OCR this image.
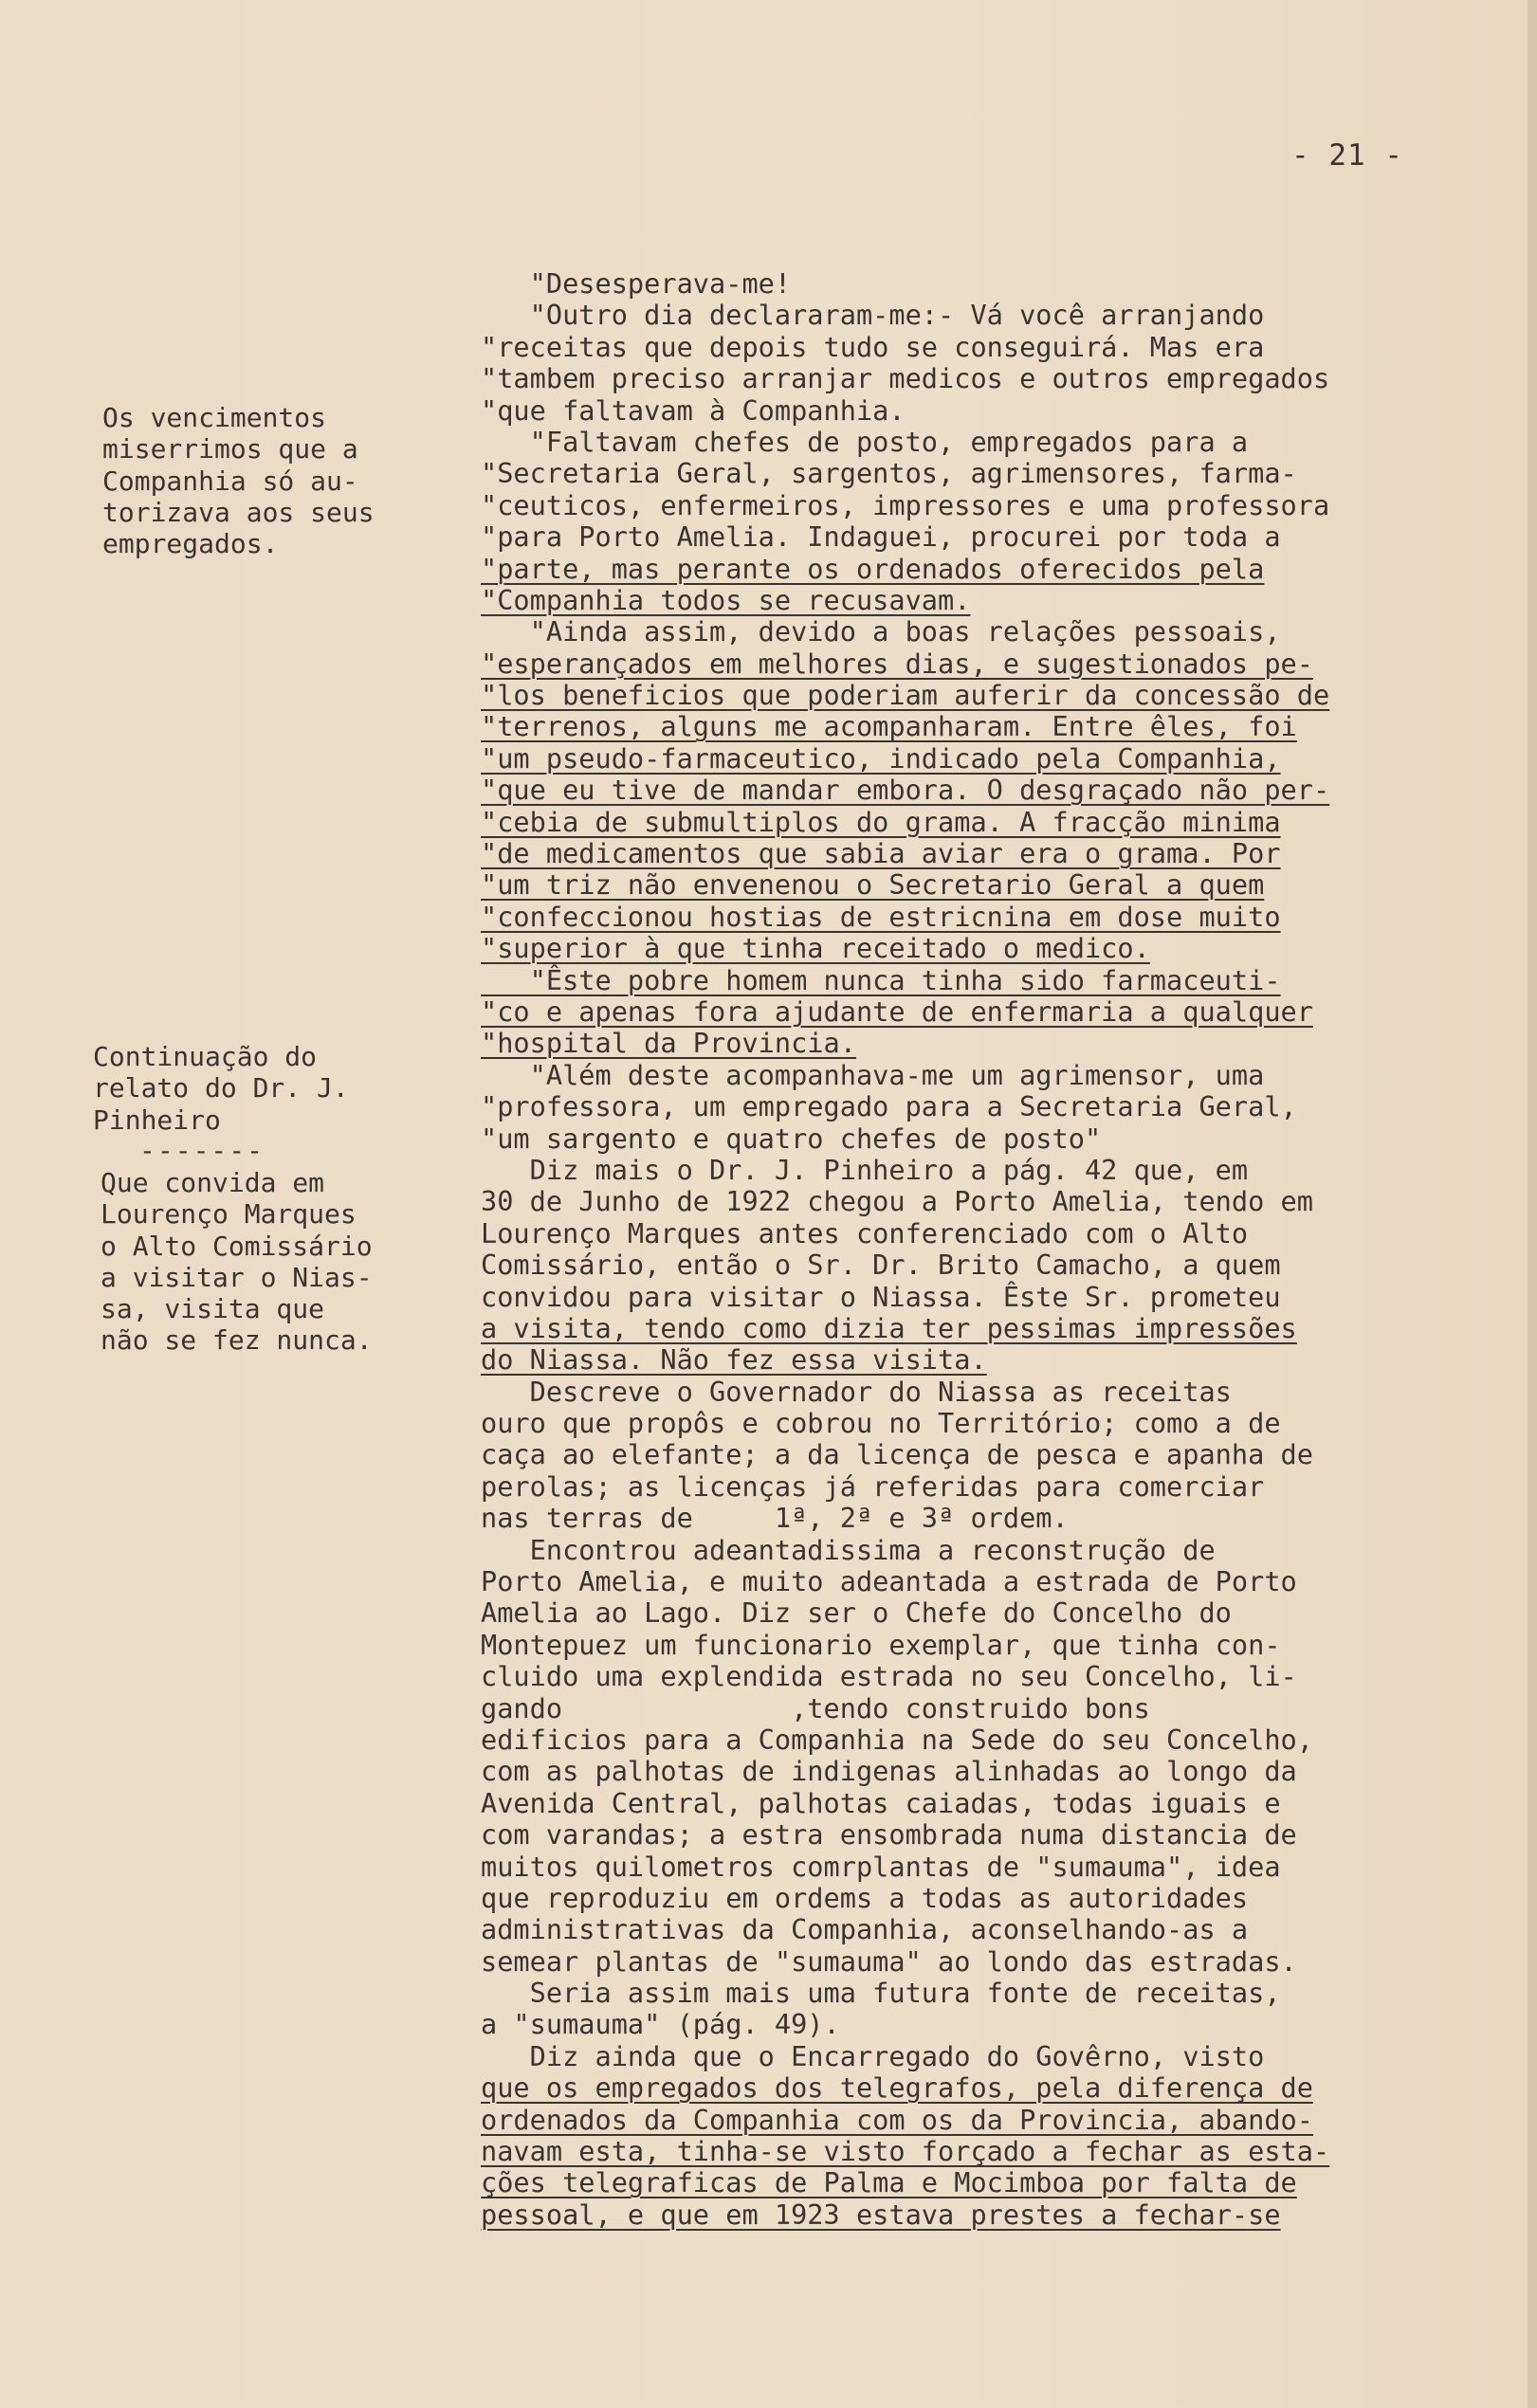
- 21 -
Os vencimentos
miserrimos que a
Companhia só au-
torizava aos seus
empregados.
Continuação do
relato do Dr. J.
Pinheiro
-------
Que convida em
Lourenço Marques
o Alto Comissário
a visitar o Nias-
sa, visita que
não se fez nunca.
"Desesperava-me!
"Outro dia declararam-me:- Vá você arranjando
"receitas que depois tudo se conseguirá. Mas era
"tambem preciso arranjar medicos e outros empregados
"que faltavam à Companhia.
"Faltavam chefes de posto, empregados para a
"Secretaria Geral, sargentos, agrimensores, farma-
"ceuticos, enfermeiros, impressores e uma professora
"para Porto Amelia. Indaguei, procurei por toda a
"parte, mas perante os ordenados oferecidos pela
"Companhia todos se recusavam.
"Ainda assim, devido a boas relações pessoais,
"esperançados em melhores dias, e sugestionados pe-
"los beneficios que poderiam auferir da concessão de
"terrenos, alguns me acompanharam. Entre êles, foi
"um pseudo-farmaceutico, indicado pela Companhia,
"que eu tive de mandar embora. O desgraçado não per-
"cebia de submultiplos do grama. A fracção minima
"de medicamentos que sabia aviar era o grama. Por
"um triz não envenenou o Secretario Geral a quem
"confeccionou hostias de estricnina em dose muito
"superior à que tinha receitado o medico.
"Êste pobre homem nunca tinha sido farmaceuti-
"co e apenas fora ajudante de enfermaria a qualquer
"hospital da Provincia.
"Além deste acompanhava-me um agrimensor, uma
"professora, um empregado para a Secretaria Geral,
"um sargento e quatro chefes de posto"
Diz mais o Dr. J. Pinheiro a pág. 42 que, em
30 de Junho de 1922 chegou a Porto Amelia, tendo em
Lourenço Marques antes conferenciado com o Alto
Comissário, então o Sr. Dr. Brito Camacho, a quem
convidou para visitar o Niassa. Êste Sr. prometeu
a visita, tendo como dizia ter pessimas impressões
do Niassa. Não fez essa visita.
Descreve o Governador do Niassa as receitas
ouro que propôs e cobrou no Território; como a de
caça ao elefante; a da licença de pesca e apanha de
perolas; as licenças já referidas para comerciar
nas terras de     1ª, 2ª e 3ª ordem.
Encontrou adeantadissima a reconstrução de
Porto Amelia, e muito adeantada a estrada de Porto
Amelia ao Lago. Diz ser o Chefe do Concelho do
Montepuez um funcionario exemplar, que tinha con-
cluido uma explendida estrada no seu Concelho, li-
gando              ,tendo construido bons
edificios para a Companhia na Sede do seu Concelho,
com as palhotas de indigenas alinhadas ao longo da
Avenida Central, palhotas caiadas, todas iguais e
com varandas; a estra ensombrada numa distancia de
muitos quilometros comrplantas de "sumauma", idea
que reproduziu em ordems a todas as autoridades
administrativas da Companhia, aconselhando-as a
semear plantas de "sumauma" ao londo das estradas.
Seria assim mais uma futura fonte de receitas,
a "sumauma" (pág. 49).
Diz ainda que o Encarregado do Govêrno, visto
que os empregados dos telegrafos, pela diferença de
ordenados da Companhia com os da Provincia, abando-
navam esta, tinha-se visto forçado a fechar as esta-
ções telegraficas de Palma e Mocimboa por falta de
pessoal, e que em 1923 estava prestes a fechar-se
